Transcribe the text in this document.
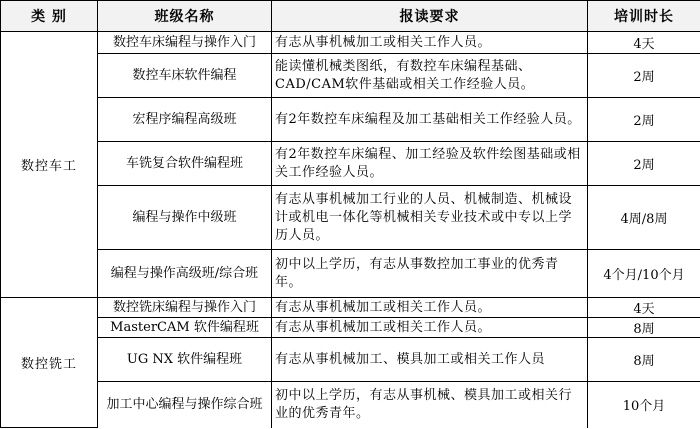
类 别	班级名称	报读要求	培训时长
数控车工	数控车床编程与操作入门	有志从事机械加工或相关工作人员。	4天
	数控车床软件编程	能读懂机械类图纸，有数控车床编程基础、CAD/CAM软件基础或相关工作经验人员。	2周
	宏程序编程高级班	有2年数控车床编程及加工基础相关工作经验人员。	2周
	车铣复合软件编程班	有2年数控车床编程、加工经验及软件绘图基础或相关工作经验人员。	2周
	编程与操作中级班	有志从事机械加工行业的人员、机械制造、机械设计或机电一体化等机械相关专业技术或中专以上学历人员。	4周/8周
	编程与操作高级班/综合班	初中以上学历，有志从事数控加工事业的优秀青年。	4个月/10个月
数控铣工	数控铣床编程与操作入门	有志从事机械加工或相关工作人员。	4天
	MasterCAM 软件编程班	有志从事机械加工或相关工作人员。	8周
	UG NX 软件编程班	有志从事机械加工、模具加工或相关工作人员	8周
	加工中心编程与操作综合班	初中以上学历，有志从事机械、模具加工或相关行业的优秀青年。	10个月
